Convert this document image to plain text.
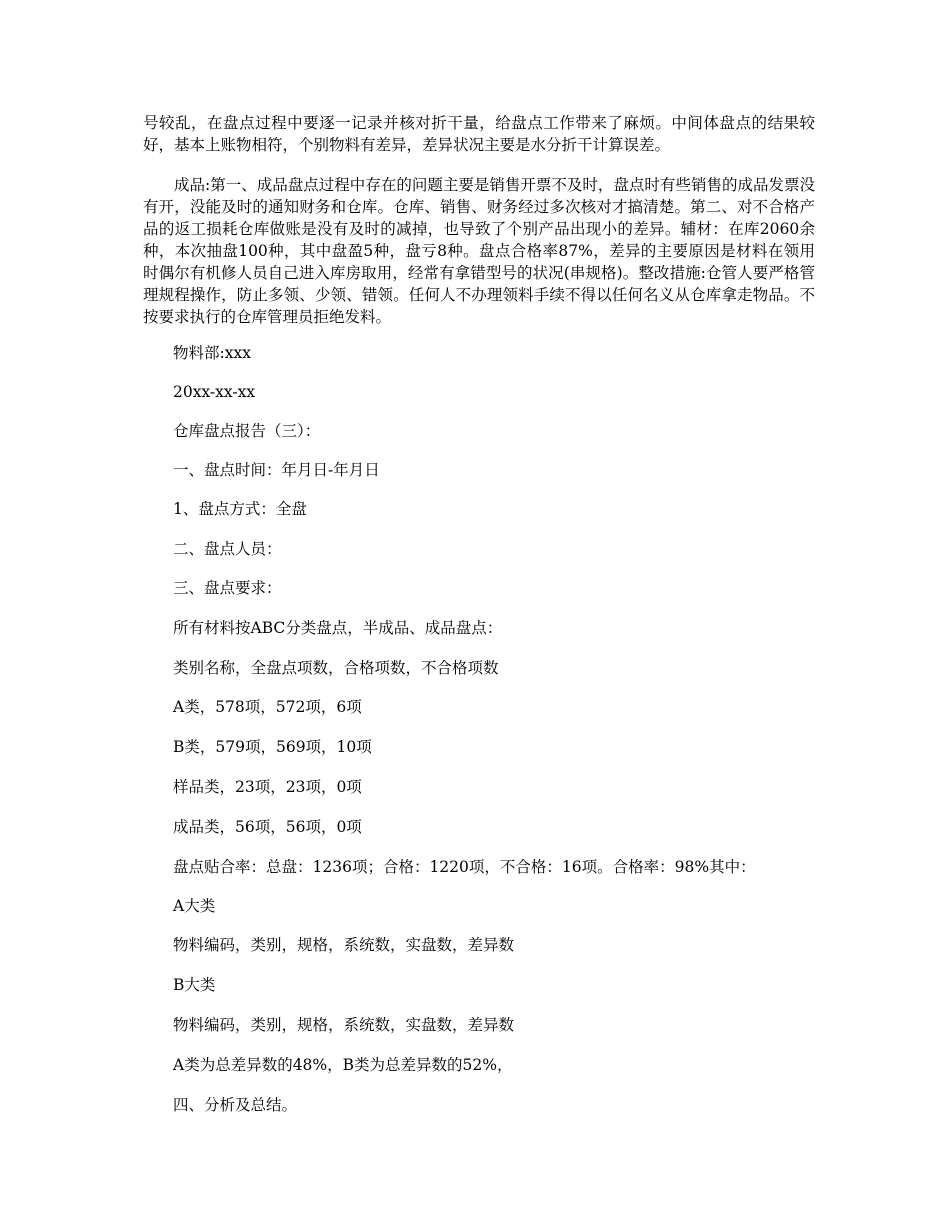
号较乱，在盘点过程中要逐一记录并核对折干量，给盘点工作带来了麻烦。中间体盘点的结果较好，基本上账物相符，个别物料有差异，差异状况主要是水分折干计算误差。

　　成品:第一、成品盘点过程中存在的问题主要是销售开票不及时，盘点时有些销售的成品发票没有开，没能及时的通知财务和仓库。仓库、销售、财务经过多次核对才搞清楚。第二、对不合格产品的返工损耗仓库做账是没有及时的减掉，也导致了个别产品出现小的差异。辅材：在库2060余种，本次抽盘100种，其中盘盈5种，盘亏8种。盘点合格率87%，差异的主要原因是材料在领用时偶尔有机修人员自己进入库房取用，经常有拿错型号的状况(串规格)。整改措施:仓管人要严格管理规程操作，防止多领、少领、错领。任何人不办理领料手续不得以任何名义从仓库拿走物品。不按要求执行的仓库管理员拒绝发料。

物料部:xxx

20xx-xx-xx

仓库盘点报告（三）：

一、盘点时间：年月日-年月日

1、盘点方式：全盘

二、盘点人员：

三、盘点要求：

所有材料按ABC分类盘点，半成品、成品盘点：

类别名称，全盘点项数，合格项数，不合格项数

A类，578项，572项，6项

B类，579项，569项，10项

样品类，23项，23项，0项

成品类，56项，56项，0项

盘点贴合率：总盘：1236项；合格：1220项，不合格：16项。合格率：98%其中：

A大类

物料编码，类别，规格，系统数，实盘数，差异数

B大类

物料编码，类别，规格，系统数，实盘数，差异数

A类为总差异数的48%，B类为总差异数的52%，

四、分析及总结。
